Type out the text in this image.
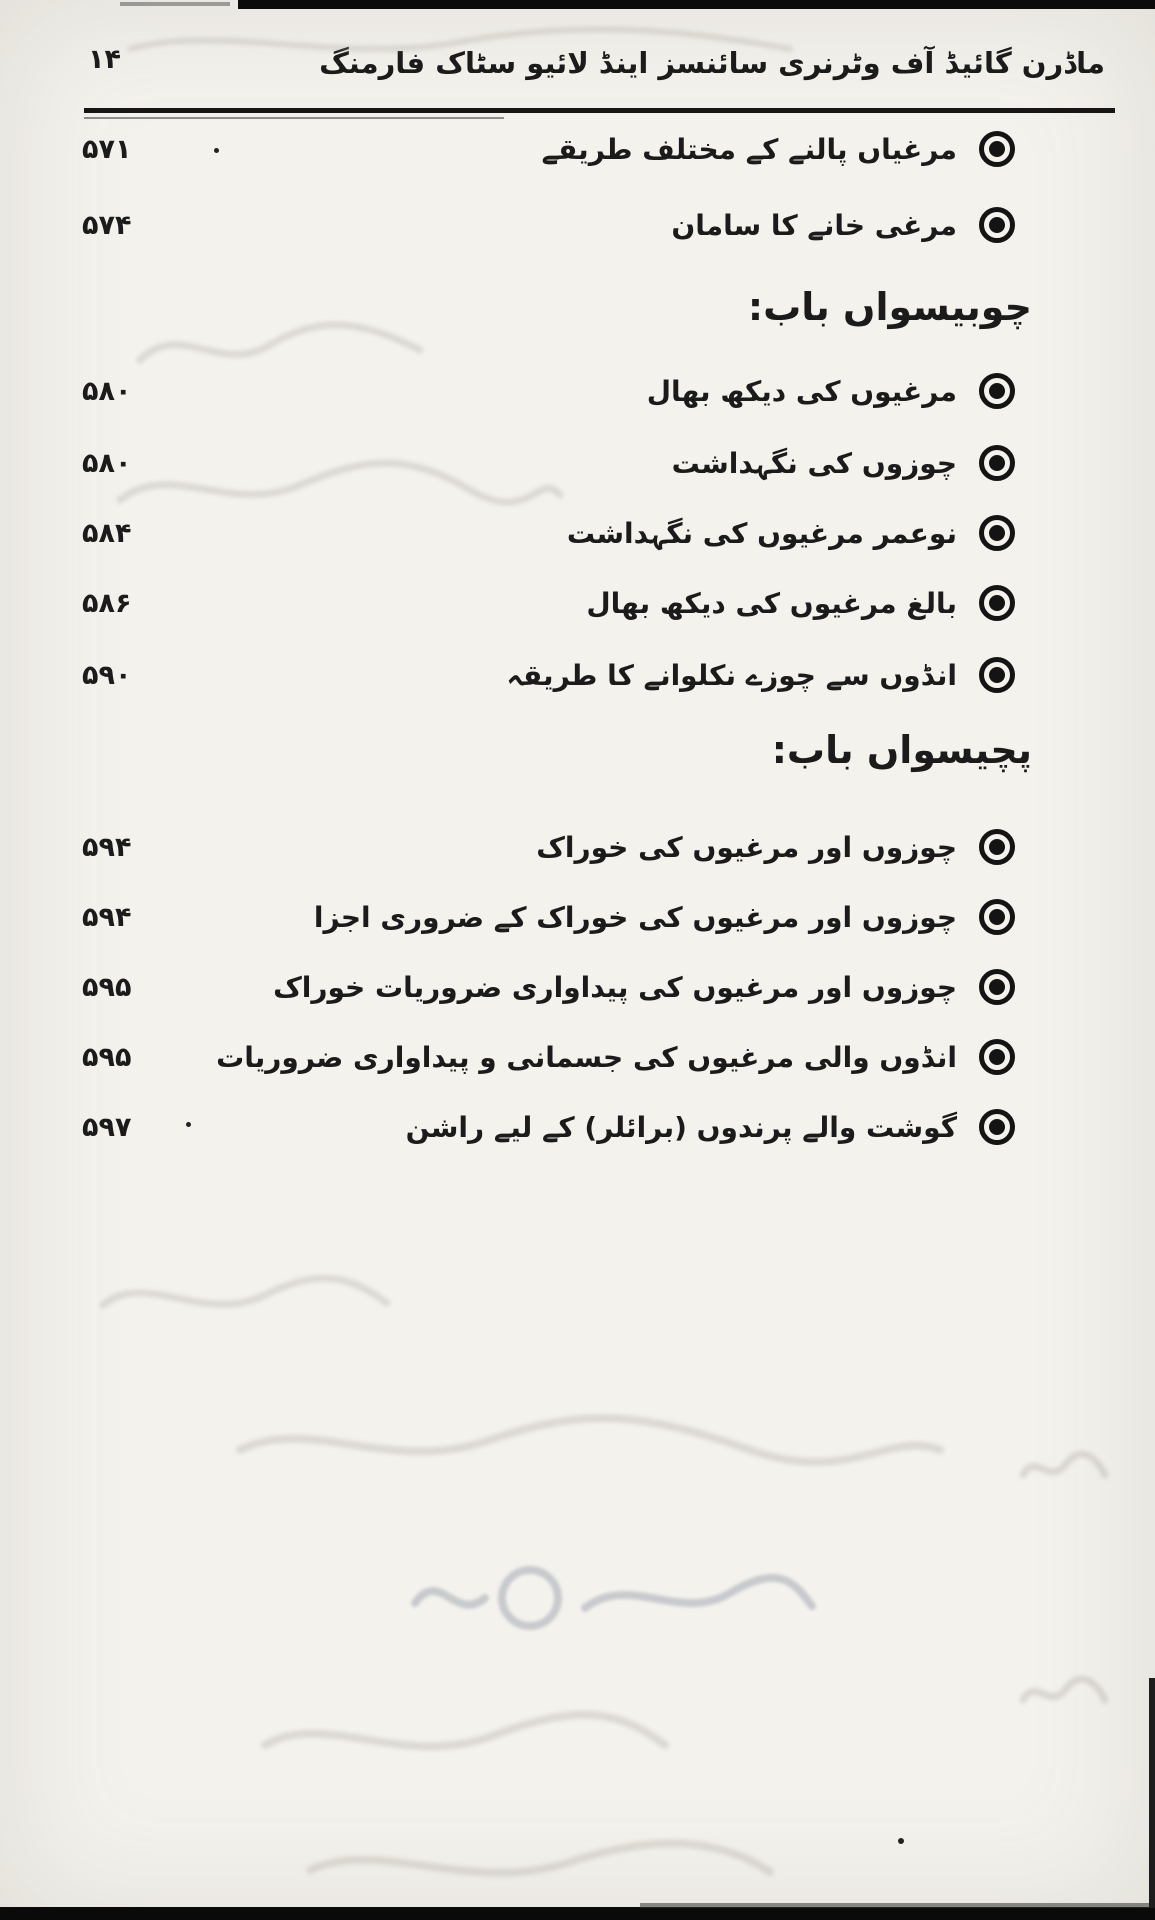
۱۴	ماڈرن گائیڈ آف وٹرنری سائنسز اینڈ لائیو سٹاک فارمنگ
۵۷۱	مرغیاں پالنے کے مختلف طریقے
۵۷۴	مرغی خانے کا سامان
چوبیسواں باب:
۵۸۰	مرغیوں کی دیکھ بھال
۵۸۰	چوزوں کی نگہداشت
۵۸۴	نوعمر مرغیوں کی نگہداشت
۵۸۶	بالغ مرغیوں کی دیکھ بھال
۵۹۰	انڈوں سے چوزے نکلوانے کا طریقہ
پچیسواں باب:
۵۹۴	چوزوں اور مرغیوں کی خوراک
۵۹۴	چوزوں اور مرغیوں کی خوراک کے ضروری اجزا
۵۹۵	چوزوں اور مرغیوں کی پیداواری ضروریات خوراک
۵۹۵	انڈوں والی مرغیوں کی جسمانی و پیداواری ضروریات
۵۹۷	گوشت والے پرندوں (برائلر) کے لیے راشن
